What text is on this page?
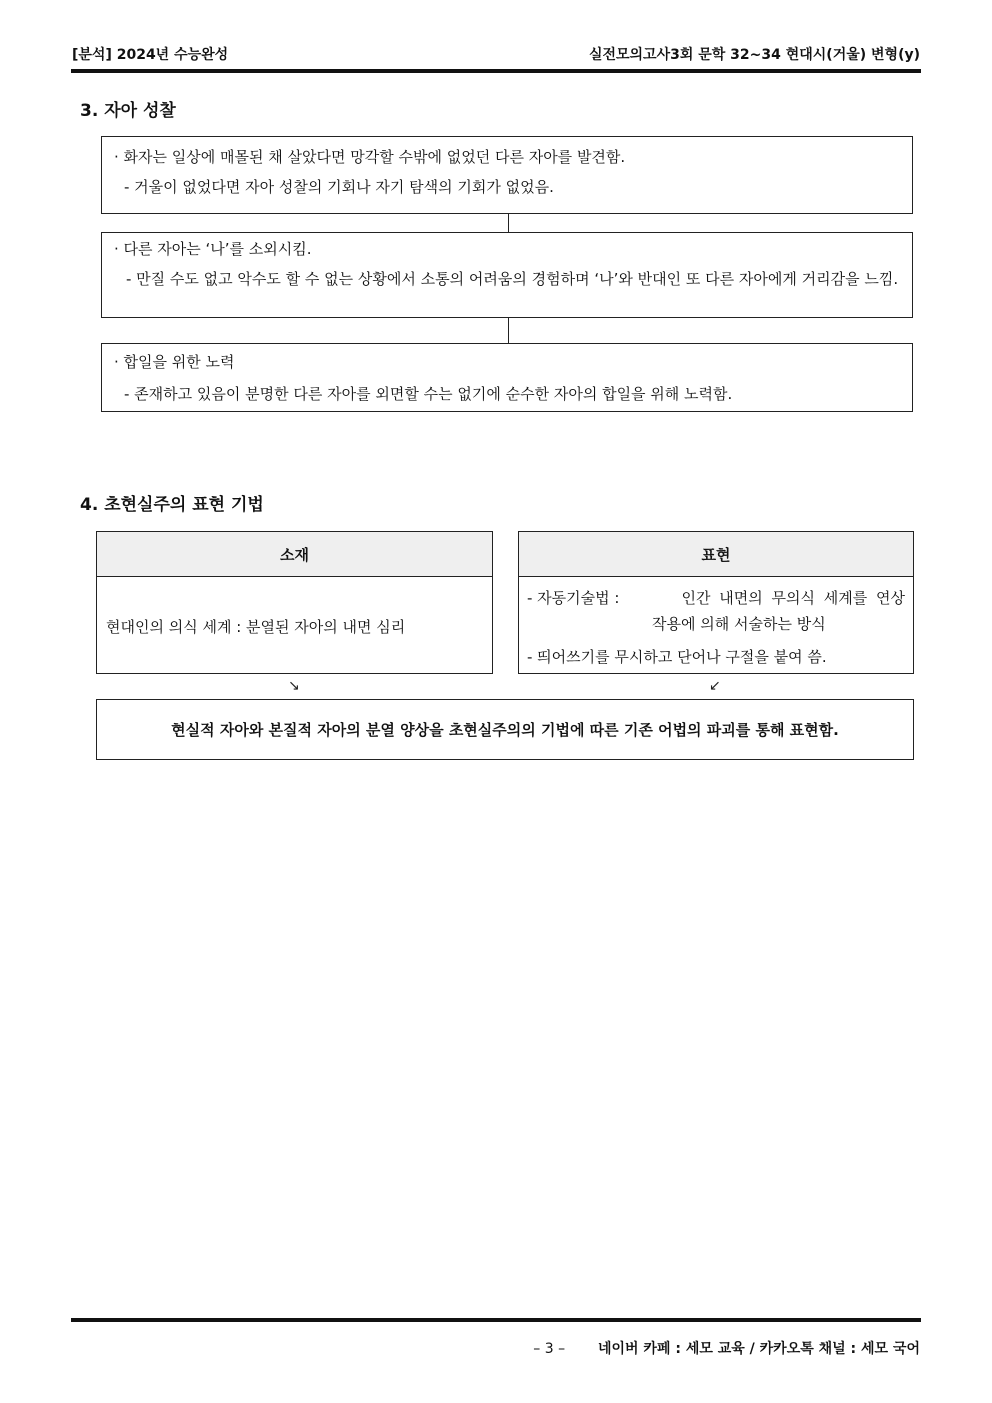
[분석] 2024년 수능완성	실전모의고사3회 문학 32~34 현대시(거울) 변형(y)
3. 자아 성찰

· 화자는 일상에 매몰된 채 살았다면 망각할 수밖에 없었던 다른 자아를 발견함.

- 거울이 없었다면 자아 성찰의 기회나 자기 탐색의 기회가 없었음.

· 다른 자아는 ‘나’를 소외시킴.

- 만질 수도 없고 악수도 할 수 없는 상황에서 소통의 어려움의 경험하며 ‘나’와 반대인 또 다른 자아에게 거리감을 느낌.

· 합일을 위한 노력

- 존재하고 있음이 분명한 다른 자아를 외면할 수는 없기에 순수한 자아의 합일을 위해 노력함.

4. 초현실주의 표현 기법
소재
현대인의 의식 세계 : 분열된 자아의 내면 심리
표현
- 자동기술법 :	인간 내면의 무의식 세계를 연상
작용에 의해 서술하는 방식
- 띄어쓰기를 무시하고 단어나 구절을 붙여 씀.
↘	↙
현실적 자아와 본질적 자아의 분열 양상을 초현실주의의 기법에 따른 기존 어법의 파괴를 통해 표현함.
– 3 – 네이버 카페 : 세모 교육 / 카카오톡 채널 : 세모 국어
